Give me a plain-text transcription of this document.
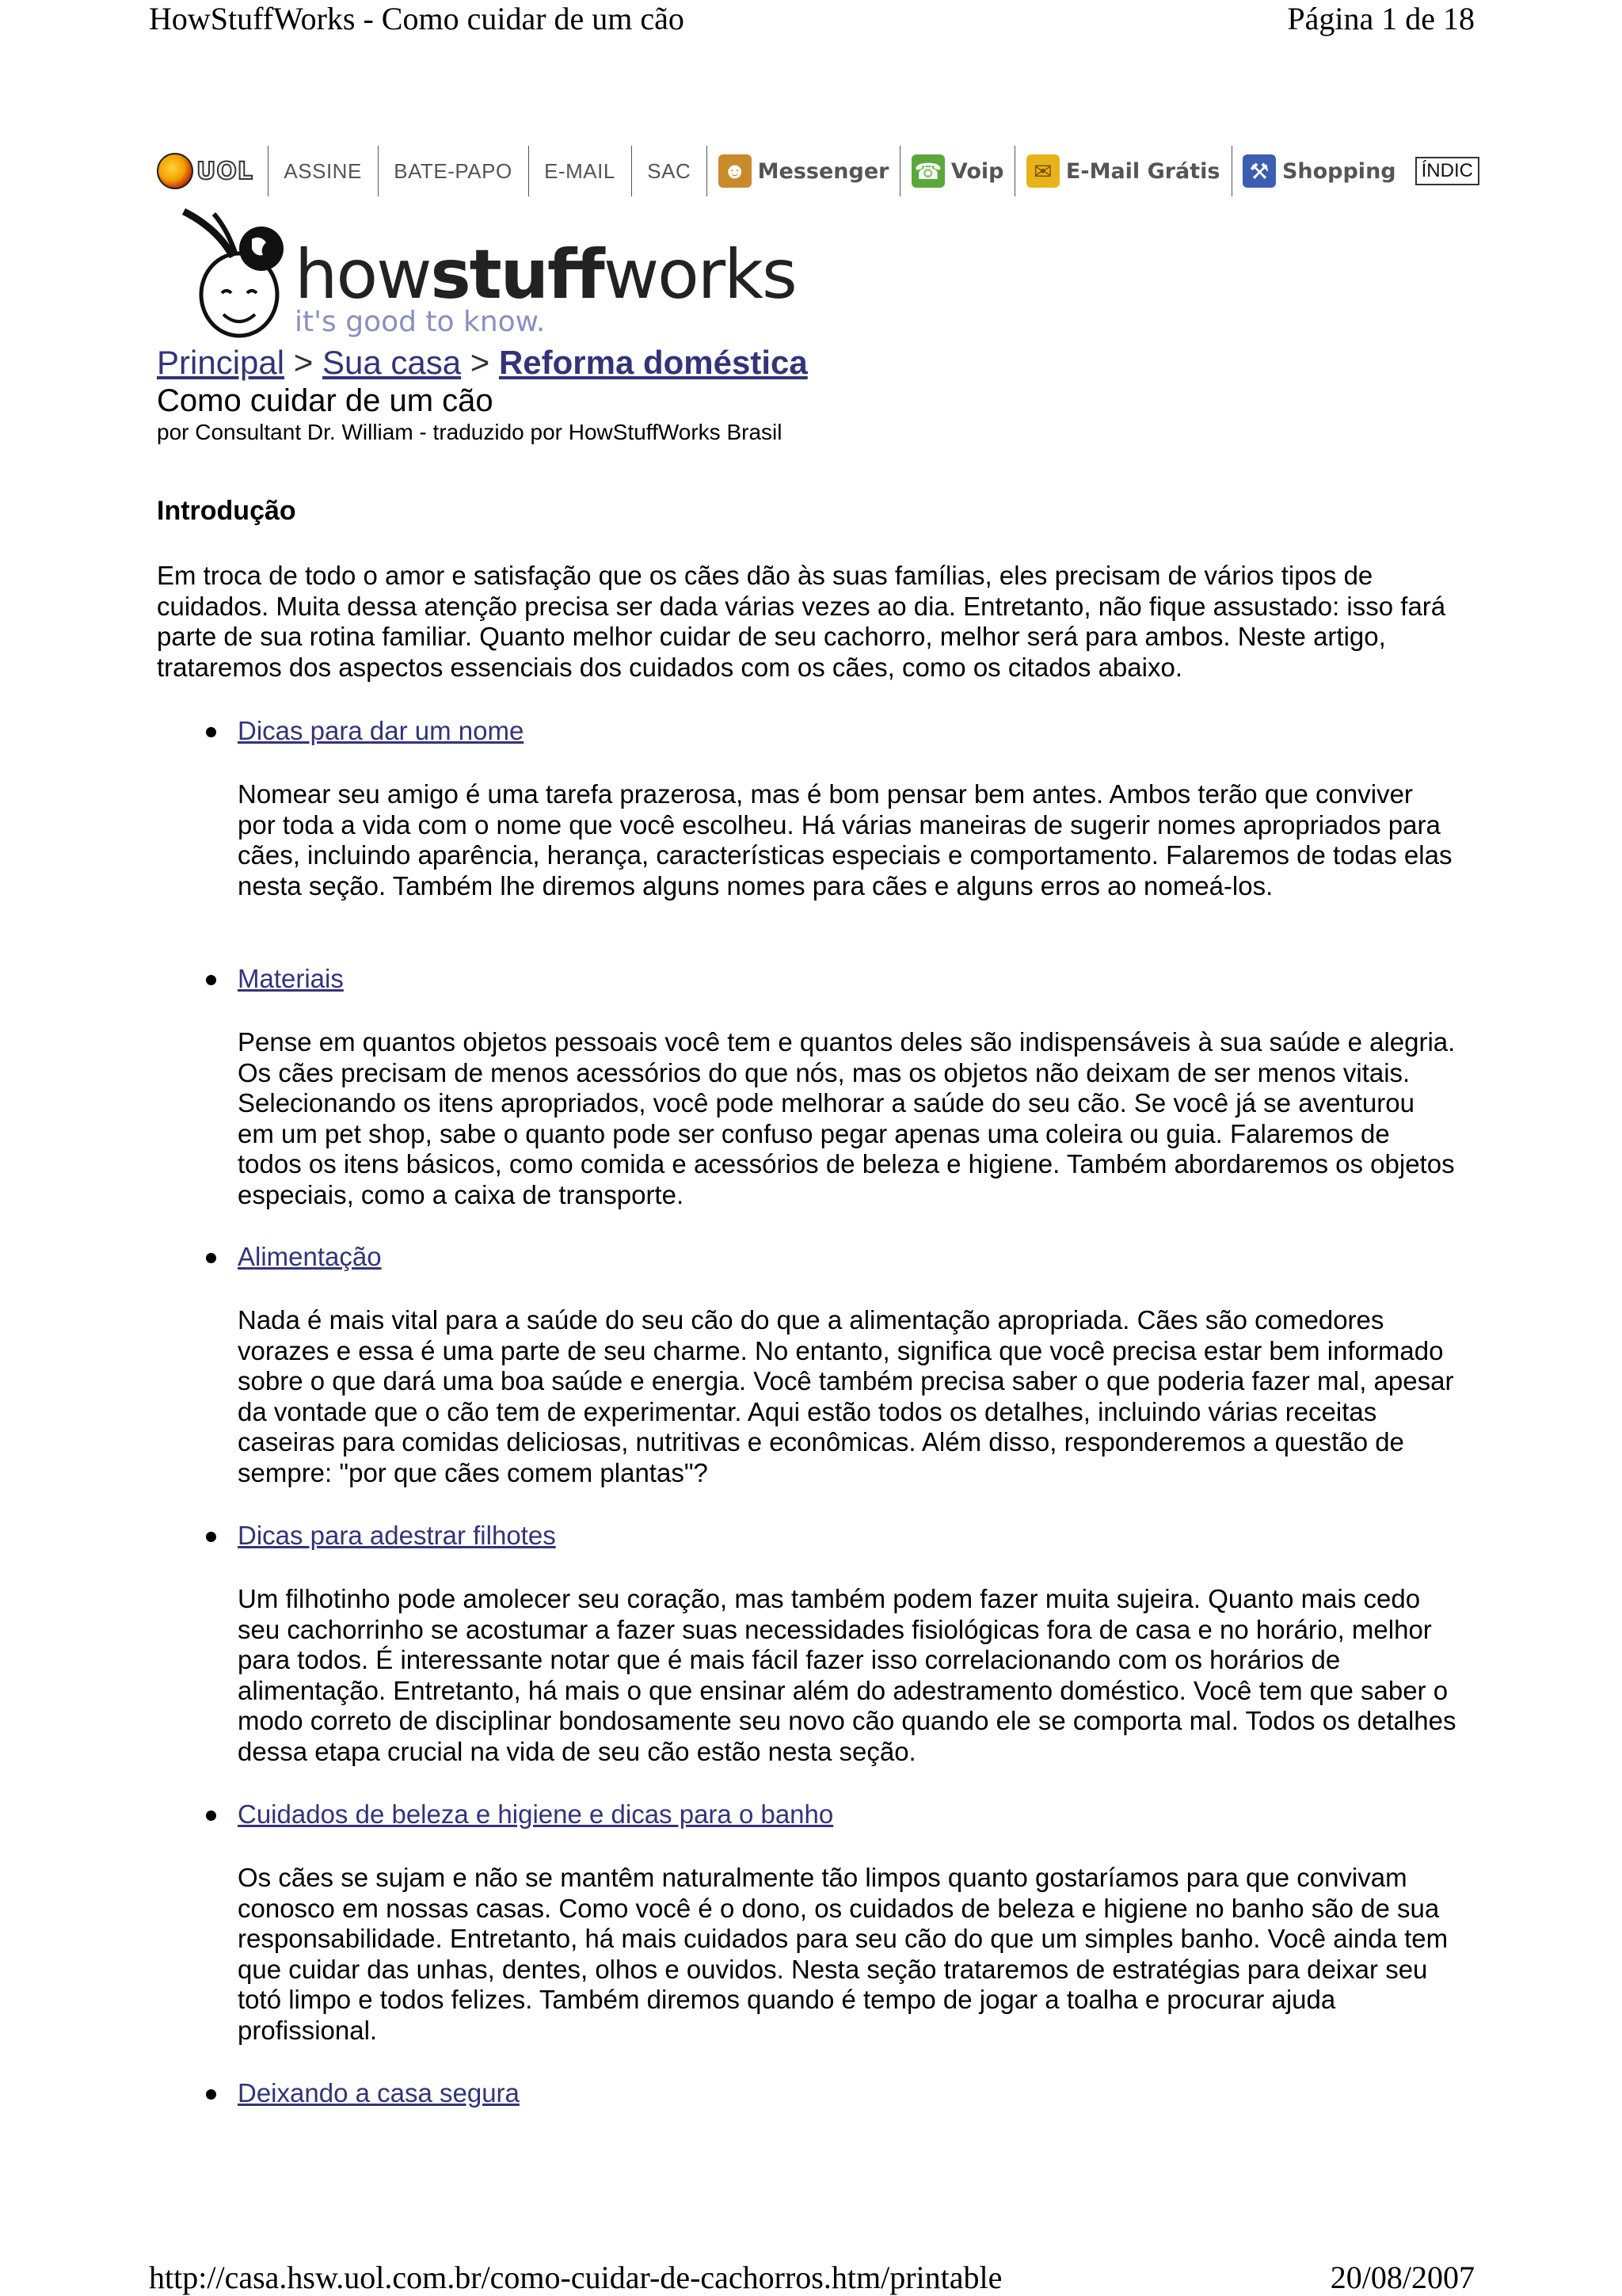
HowStuffWorks - Como cuidar de um cão	Página 1 de 18
UOL	ASSINE	BATE-PAPO	E-MAIL	SAC	☻ Messenger ☎ Voip	✉ E-Mail Grátis	⚒ Shopping	ÍNDIC
howstuffworks
it's good to know.
Principal > Sua casa > Reforma doméstica
Como cuidar de um cão
por Consultant Dr. William - traduzido por HowStuffWorks Brasil
Introdução

Em troca de todo o amor e satisfação que os cães dão às suas famílias, eles precisam de vários tipos de cuidados. Muita dessa atenção precisa ser dada várias vezes ao dia. Entretanto, não fique assustado: isso fará parte de sua rotina familiar. Quanto melhor cuidar de seu cachorro, melhor será para ambos. Neste artigo, trataremos dos aspectos essenciais dos cuidados com os cães, como os citados abaixo.

Dicas para dar um nome

Nomear seu amigo é uma tarefa prazerosa, mas é bom pensar bem antes. Ambos terão que conviver por toda a vida com o nome que você escolheu. Há várias maneiras de sugerir nomes apropriados para cães, incluindo aparência, herança, características especiais e comportamento. Falaremos de todas elas nesta seção. Também lhe diremos alguns nomes para cães e alguns erros ao nomeá-los.

Materiais

Pense em quantos objetos pessoais você tem e quantos deles são indispensáveis à sua saúde e alegria. Os cães precisam de menos acessórios do que nós, mas os objetos não deixam de ser menos vitais. Selecionando os itens apropriados, você pode melhorar a saúde do seu cão. Se você já se aventurou em um pet shop, sabe o quanto pode ser confuso pegar apenas uma coleira ou guia. Falaremos de todos os itens básicos, como comida e acessórios de beleza e higiene. Também abordaremos os objetos especiais, como a caixa de transporte.

Alimentação

Nada é mais vital para a saúde do seu cão do que a alimentação apropriada. Cães são comedores vorazes e essa é uma parte de seu charme. No entanto, significa que você precisa estar bem informado sobre o que dará uma boa saúde e energia. Você também precisa saber o que poderia fazer mal, apesar da vontade que o cão tem de experimentar. Aqui estão todos os detalhes, incluindo várias receitas caseiras para comidas deliciosas, nutritivas e econômicas. Além disso, responderemos a questão de sempre: "por que cães comem plantas"?

Dicas para adestrar filhotes

Um filhotinho pode amolecer seu coração, mas também podem fazer muita sujeira. Quanto mais cedo seu cachorrinho se acostumar a fazer suas necessidades fisiológicas fora de casa e no horário, melhor para todos. É interessante notar que é mais fácil fazer isso correlacionando com os horários de alimentação. Entretanto, há mais o que ensinar além do adestramento doméstico. Você tem que saber o modo correto de disciplinar bondosamente seu novo cão quando ele se comporta mal. Todos os detalhes dessa etapa crucial na vida de seu cão estão nesta seção.

Cuidados de beleza e higiene e dicas para o banho

Os cães se sujam e não se mantêm naturalmente tão limpos quanto gostaríamos para que convivam conosco em nossas casas. Como você é o dono, os cuidados de beleza e higiene no banho são de sua responsabilidade. Entretanto, há mais cuidados para seu cão do que um simples banho. Você ainda tem que cuidar das unhas, dentes, olhos e ouvidos. Nesta seção trataremos de estratégias para deixar seu totó limpo e todos felizes. Também diremos quando é tempo de jogar a toalha e procurar ajuda profissional.

Deixando a casa segura
http://casa.hsw.uol.com.br/como-cuidar-de-cachorros.htm/printable	20/08/2007
